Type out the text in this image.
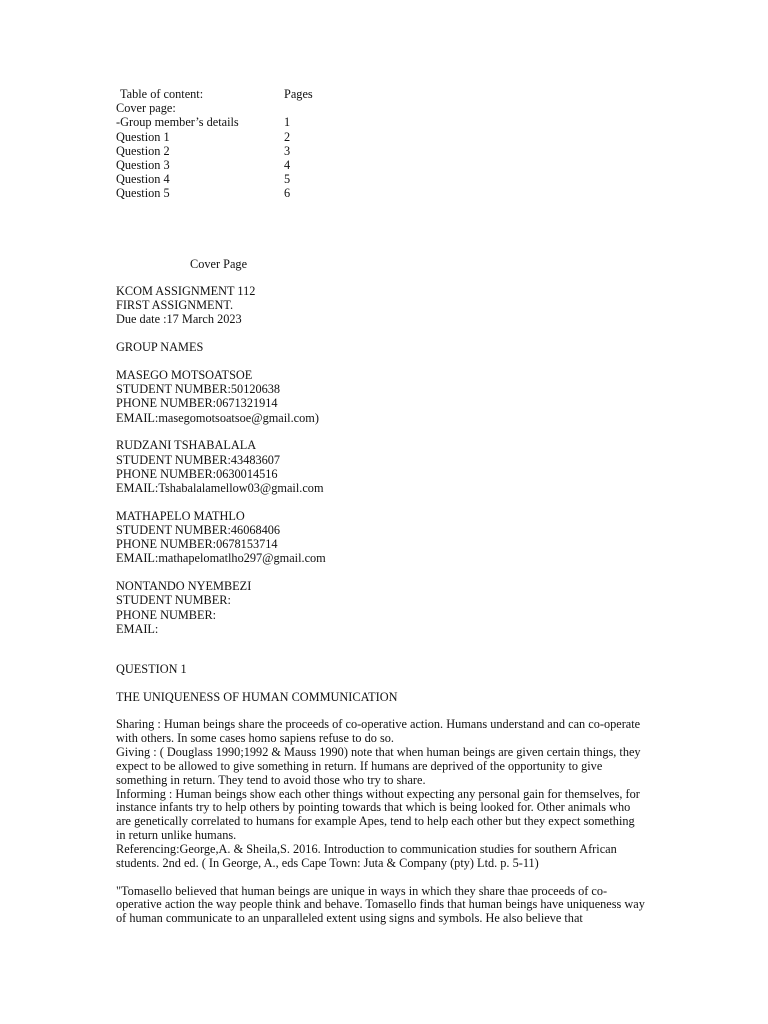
Table of content:	Pages
Cover page:
-Group member’s details	1
Question 1	2
Question 2	3
Question 3	4
Question 4	5
Question 5	6
Cover Page
KCOM ASSIGNMENT 112
FIRST ASSIGNMENT.
Due date :17 March 2023
GROUP NAMES
MASEGO MOTSOATSOE
STUDENT NUMBER:50120638
PHONE NUMBER:0671321914
EMAIL:masegomotsoatsoe@gmail.com)
RUDZANI TSHABALALA
STUDENT NUMBER:43483607
PHONE NUMBER:0630014516
EMAIL:Tshabalalamellow03@gmail.com
MATHAPELO MATHLO
STUDENT NUMBER:46068406
PHONE NUMBER:0678153714
EMAIL:mathapelomatlho297@gmail.com
NONTANDO NYEMBEZI
STUDENT NUMBER:
PHONE NUMBER:
EMAIL:
QUESTION 1
THE UNIQUENESS OF HUMAN COMMUNICATION
Sharing : Human beings share the proceeds of co-operative action. Humans understand and can co-operate with others. In some cases homo sapiens refuse to do so.
Giving : ( Douglass 1990;1992 & Mauss 1990) note that when human beings are given certain things, they expect to be allowed to give something in return. If humans are deprived of the opportunity to give something in return. They tend to avoid those who try to share.
Informing : Human beings show each other things without expecting any personal gain for themselves, for instance infants try to help others by pointing towards that which is being looked for. Other animals who are genetically correlated to humans for example Apes, tend to help each other but they expect something in return unlike humans.
Referencing:George,A. & Sheila,S. 2016. Introduction to communication studies for southern African students. 2nd ed. ( In George, A., eds Cape Town: Juta & Company (pty) Ltd. p. 5-11)
"Tomasello believed that human beings are unique in ways in which they share thae proceeds of co-operative action the way people think and behave. Tomasello finds that human beings have uniqueness way of human communicate to an unparalleled extent using signs and symbols. He also believe that
